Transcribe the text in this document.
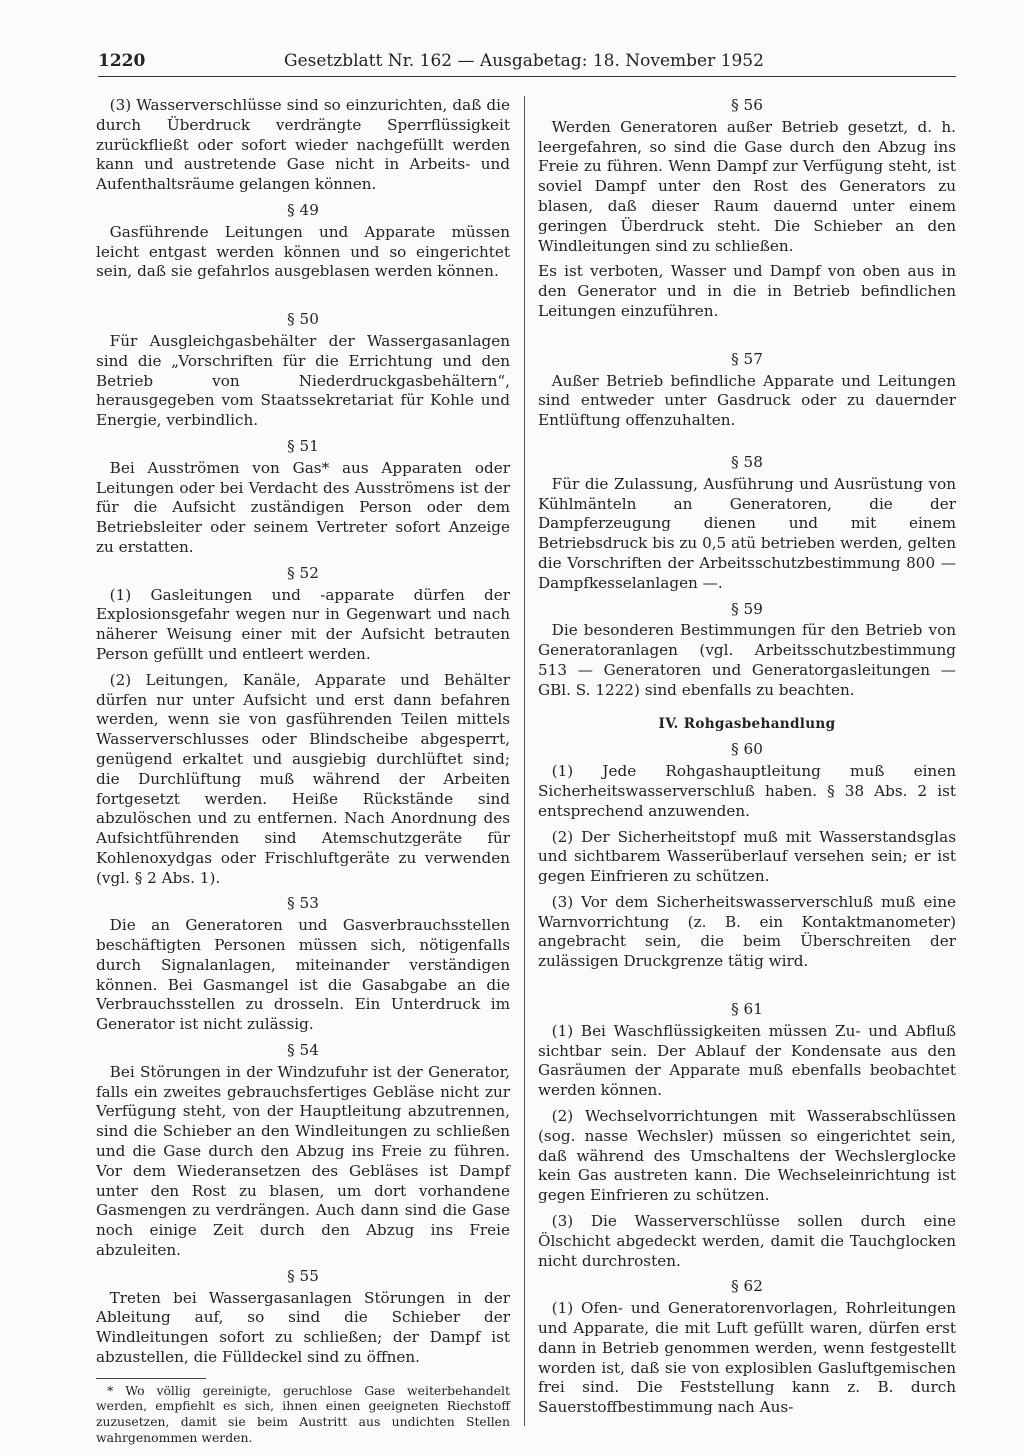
1220	Gesetzblatt Nr. 162 — Ausgabetag: 18. November 1952

(3) Wasserverschlüsse sind so einzurichten, daß die durch Überdruck verdrängte Sperrflüssigkeit zurückfließt oder sofort wieder nachgefüllt werden kann und austretende Gase nicht in Arbeits- und Aufenthaltsräume gelangen können.

§ 49

Gasführende Leitungen und Apparate müssen leicht entgast werden können und so eingerichtet sein, daß sie gefahrlos ausgeblasen werden können.

§ 50

Für Ausgleichgasbehälter der Wassergasanlagen sind die „Vorschriften für die Errichtung und den Betrieb von Niederdruckgasbehältern“, herausgegeben vom Staatssekretariat für Kohle und Energie, verbindlich.

§ 51

Bei Ausströmen von Gas* aus Apparaten oder Leitungen oder bei Verdacht des Ausströmens ist der für die Aufsicht zuständigen Person oder dem Betriebsleiter oder seinem Vertreter sofort Anzeige zu erstatten.

§ 52

(1) Gasleitungen und -apparate dürfen der Explosionsgefahr wegen nur in Gegenwart und nach näherer Weisung einer mit der Aufsicht betrauten Person gefüllt und entleert werden.

(2) Leitungen, Kanäle, Apparate und Behälter dürfen nur unter Aufsicht und erst dann befahren werden, wenn sie von gasführenden Teilen mittels Wasserverschlusses oder Blindscheibe abgesperrt, genügend erkaltet und ausgiebig durchlüftet sind; die Durchlüftung muß während der Arbeiten fortgesetzt werden. Heiße Rückstände sind abzulöschen und zu entfernen. Nach Anordnung des Aufsichtführenden sind Atemschutzgeräte für Kohlenoxydgas oder Frischluftgeräte zu verwenden (vgl. § 2 Abs. 1).

§ 53

Die an Generatoren und Gasverbrauchsstellen beschäftigten Personen müssen sich, nötigenfalls durch Signalanlagen, miteinander verständigen können. Bei Gasmangel ist die Gasabgabe an die Verbrauchsstellen zu drosseln. Ein Unterdruck im Generator ist nicht zulässig.

§ 54

Bei Störungen in der Windzufuhr ist der Generator, falls ein zweites gebrauchsfertiges Gebläse nicht zur Verfügung steht, von der Hauptleitung abzutrennen, sind die Schieber an den Windleitungen zu schließen und die Gase durch den Abzug ins Freie zu führen. Vor dem Wiederansetzen des Gebläses ist Dampf unter den Rost zu blasen, um dort vorhandene Gasmengen zu verdrängen. Auch dann sind die Gase noch einige Zeit durch den Abzug ins Freie abzuleiten.

§ 55

Treten bei Wassergasanlagen Störungen in der Ableitung auf, so sind die Schieber der Windleitungen sofort zu schließen; der Dampf ist abzustellen, die Fülldeckel sind zu öffnen.

* Wo völlig gereinigte, geruchlose Gase weiterbehandelt werden, empfiehlt es sich, ihnen einen geeigneten Riechstoff zuzusetzen, damit sie beim Austritt aus undichten Stellen wahrgenommen werden.

§ 56

Werden Generatoren außer Betrieb gesetzt, d. h. leergefahren, so sind die Gase durch den Abzug ins Freie zu führen. Wenn Dampf zur Verfügung steht, ist soviel Dampf unter den Rost des Generators zu blasen, daß dieser Raum dauernd unter einem geringen Überdruck steht. Die Schieber an den Windleitungen sind zu schließen.

Es ist verboten, Wasser und Dampf von oben aus in den Generator und in die in Betrieb befindlichen Leitungen einzuführen.

§ 57

Außer Betrieb befindliche Apparate und Leitungen sind entweder unter Gasdruck oder zu dauernder Entlüftung offenzuhalten.

§ 58

Für die Zulassung, Ausführung und Ausrüstung von Kühlmänteln an Generatoren, die der Dampferzeugung dienen und mit einem Betriebsdruck bis zu 0,5 atü betrieben werden, gelten die Vorschriften der Arbeitsschutzbestimmung 800 — Dampfkesselanlagen —.

§ 59

Die besonderen Bestimmungen für den Betrieb von Generatoranlagen (vgl. Arbeitsschutzbestimmung 513 — Generatoren und Generatorgasleitungen — GBl. S. 1222) sind ebenfalls zu beachten.

IV. Rohgasbehandlung
§ 60

(1) Jede Rohgashauptleitung muß einen Sicherheitswasserverschluß haben. § 38 Abs. 2 ist entsprechend anzuwenden.

(2) Der Sicherheitstopf muß mit Wasserstandsglas und sichtbarem Wasserüberlauf versehen sein; er ist gegen Einfrieren zu schützen.

(3) Vor dem Sicherheitswasserverschluß muß eine Warnvorrichtung (z. B. ein Kontaktmanometer) angebracht sein, die beim Überschreiten der zulässigen Druckgrenze tätig wird.

§ 61

(1) Bei Waschflüssigkeiten müssen Zu- und Abfluß sichtbar sein. Der Ablauf der Kondensate aus den Gasräumen der Apparate muß ebenfalls beobachtet werden können.

(2) Wechselvorrichtungen mit Wasserabschlüssen (sog. nasse Wechsler) müssen so eingerichtet sein, daß während des Umschaltens der Wechslerglocke kein Gas austreten kann. Die Wechseleinrichtung ist gegen Einfrieren zu schützen.

(3) Die Wasserverschlüsse sollen durch eine Ölschicht abgedeckt werden, damit die Tauchglocken nicht durchrosten.

§ 62

(1) Ofen- und Generatorenvorlagen, Rohrleitungen und Apparate, die mit Luft gefüllt waren, dürfen erst dann in Betrieb genommen werden, wenn festgestellt worden ist, daß sie von explosiblen Gasluftgemischen frei sind. Die Feststellung kann z. B. durch Sauerstoffbestimmung nach Aus-
